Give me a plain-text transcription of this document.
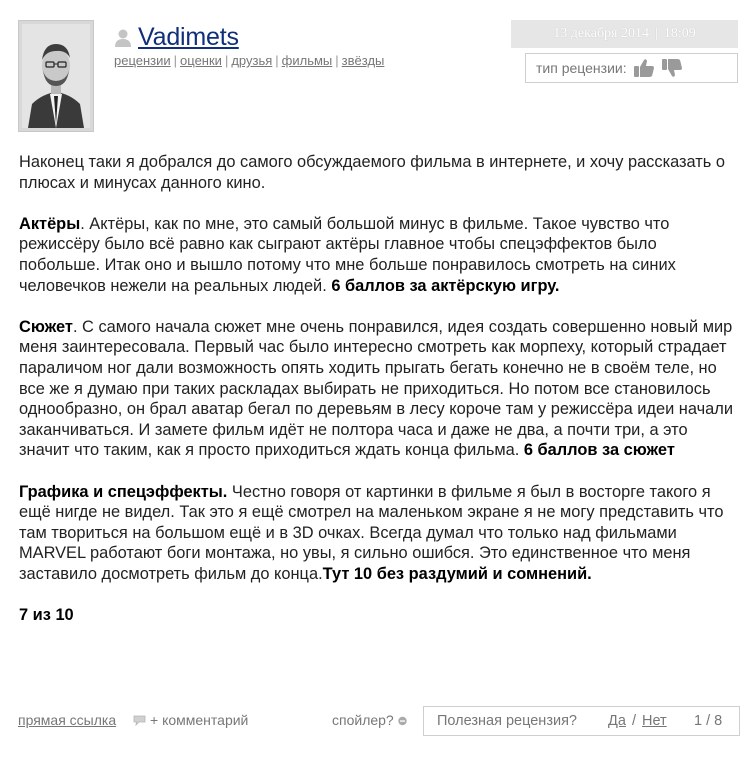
Vadimets
рецензии | оценки | друзья | фильмы | звёзды
13 декабря 2014 | 18:09
тип рецензии:

Наконец таки я добрался до самого обсуждаемого фильма в интернете, и хочу рассказать о плюсах и минусах данного кино.

Актёры. Актёры, как по мне, это самый большой минус в фильме. Такое чувство что режиссёру было всё равно как сыграют актёры главное чтобы спецэффектов было побольше. Итак оно и вышло потому что мне больше понравилось смотреть на синих человечков нежели на реальных людей. 6 баллов за актёрскую игру.

Сюжет. С самого начала сюжет мне очень понравился, идея создать совершенно новый мир меня заинтересовала. Первый час было интересно смотреть как морпеху, который страдает параличом ног дали возможность опять ходить прыгать бегать конечно не в своём теле, но все же я думаю при таких раскладах выбирать не приходиться. Но потом все становилось однообразно, он брал аватар бегал по деревьям в лесу короче там у режиссёра идеи начали заканчиваться. И замете фильм идёт не полтора часа и даже не два, а почти три, а это значит что таким, как я просто приходиться ждать конца фильма. 6 баллов за сюжет

Графика и спецэффекты. Честно говоря от картинки в фильме я был в восторге такого я ещё нигде не видел. Так это я ещё смотрел на маленьком экране я не могу представить что там твориться на большом ещё и в 3D очках. Всегда думал что только над фильмами MARVEL работают боги монтажа, но увы, я сильно ошибся. Это единственное что меня заставило досмотреть фильм до конца.Тут 10 без раздумий и сомнений.

7 из 10

прямая ссылка + комментарий	спойлер?	Полезная рецензия? Да / Нет 1 / 8
